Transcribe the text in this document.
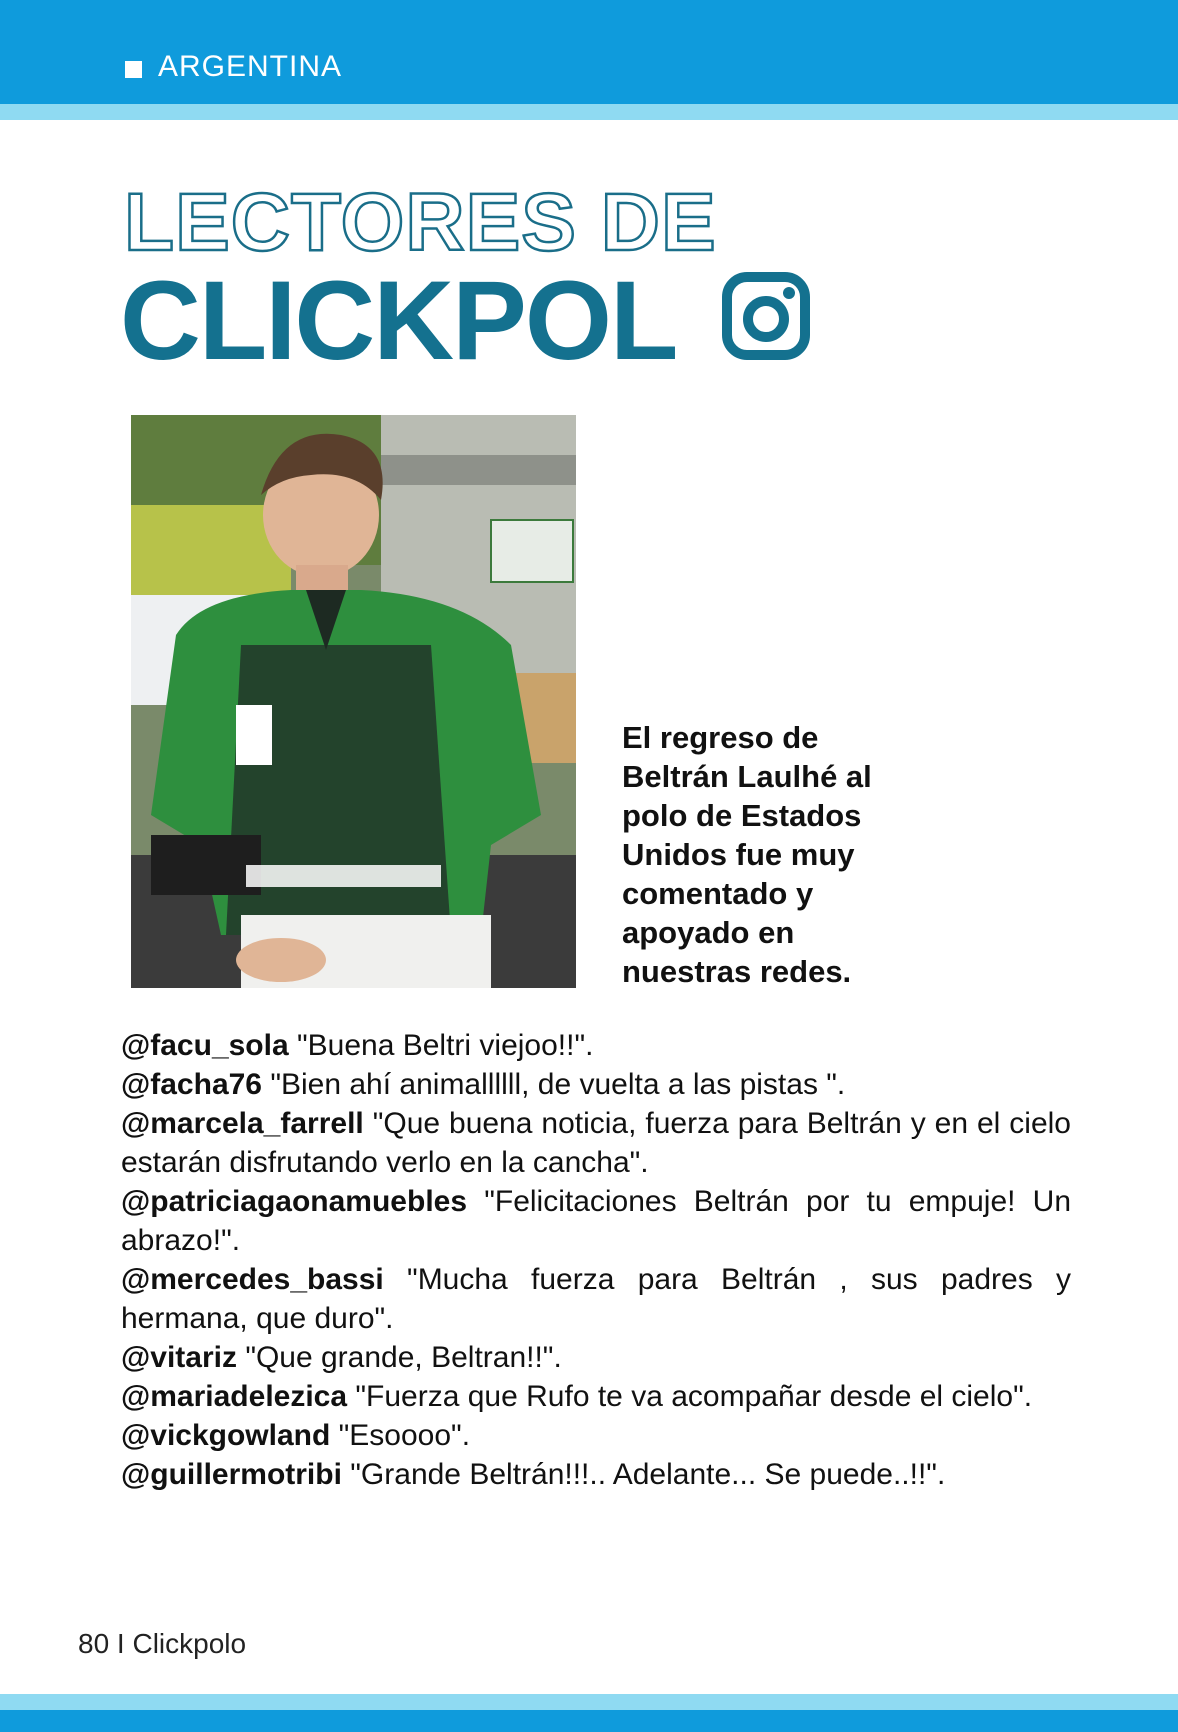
ARGENTINA
LECTORES DE
CLICKPOL
El regreso de Beltrán Laulhé al polo de Estados Unidos fue muy comentado y apoyado en nuestras redes.

@facu_sola "Buena Beltri viejoo!!".

@facha76 "Bien ahí animallllll, de vuelta a las pistas ".

@marcela_farrell "Que buena noticia, fuerza para Beltrán y en el cielo estarán disfrutando verlo en la cancha".

@patriciagaonamuebles "Felicitaciones Beltrán por tu empuje! Un abrazo!".

@mercedes_bassi "Mucha fuerza para Beltrán , sus padres y hermana, que duro".

@vitariz "Que grande, Beltran!!".

@mariadelezica "Fuerza que Rufo te va acompañar desde el cielo".

@vickgowland "Esoooo".

@guillermotribi "Grande Beltrán!!!.. Adelante... Se puede..!!".

80 I Clickpolo
